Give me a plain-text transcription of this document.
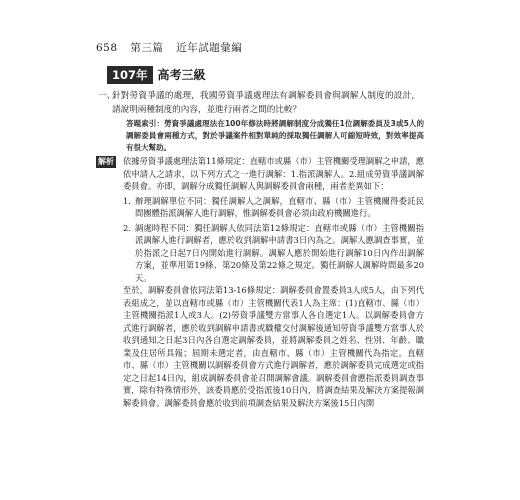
658 第三篇 近年試題彙編
107年 高考三級
一、
針對勞資爭議的處理，我國勞資爭議處理法有調解委員會與調解人制度的設計，請說明兩種制度的內容，並進行兩者之間的比較？
答題索引：勞資爭議處理法在100年修法時將調解制度分成獨任1位調解委員及3或5人的調解委員會兩種方式，對於爭議案件相對單純的採取獨任調解人可縮短時效，對效率提高有很大幫助。
解析 依據勞資爭議處理法第11條規定：直轄市或縣（市）主管機關受理調解之申請，應依申請人之請求，以下列方式之一進行調解：1.指派調解人。2.組成勞資爭議調解委員會。亦即，調解分成獨任調解人與調解委員會兩種，兩者差異如下：

1. 辦理調解單位不同：獨任調解人之調解，直轄市、縣（市）主管機關得委託民間團體指派調解人進行調解，惟調解委員會必須由政府機關進行。
2. 調處時程不同：獨任調解人依同法第12條規定：直轄市或縣（市）主管機關指派調解人進行調解者，應於收到調解申請書3日內為之。調解人應調查事實，並於指派之日起7日內開始進行調解。調解人應於開始進行調解10日內作出調解方案，並準用第19條、第20條及第22條之規定。獨任調解人調解時間最多20天。

至於，調解委員會依同法第13-16條規定：調解委員會置委員3人或5人，由下列代表組成之，並以直轄市或縣（市）主管機關代表1人為主席：(1)直轄市、縣（市）主管機關指派1人或3人。(2)勞資爭議雙方當事人各自選定1人。以調解委員會方式進行調解者，應於收到調解申請書或職權交付調解後通知勞資爭議雙方當事人於收到通知之日起3日內各自選定調解委員，並將調解委員之姓名、性別、年齡、職業及住居所具報；屆期未選定者，由直轄市、縣（市）主管機關代為指定。直轄市、縣（市）主管機關以調解委員會方式進行調解者，應於調解委員完成選定或指定之日起14日內，組成調解委員會並召開調解會議。調解委員會應指派委員調查事實，除有特殊情形外，該委員應於受指派後10日內，將調查結果及解決方案提報調解委員會。調解委員會應於收到前項調查結果及解決方案後15日內開
